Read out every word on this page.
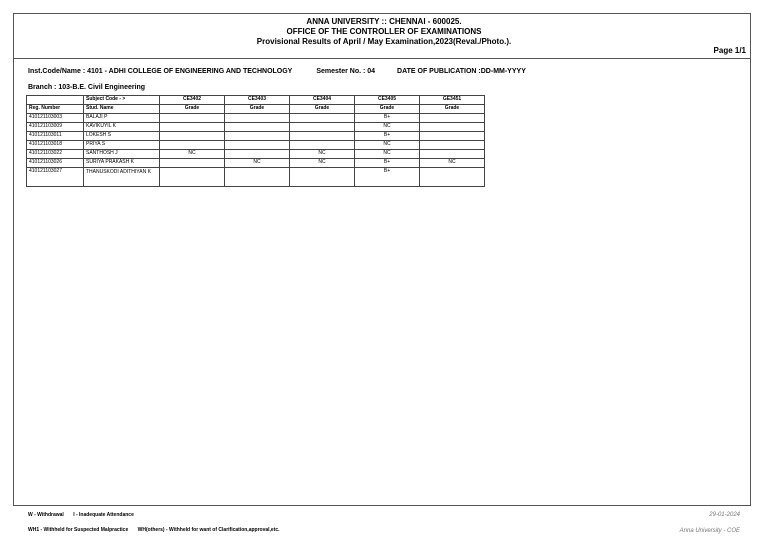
ANNA UNIVERSITY :: CHENNAI - 600025.
OFFICE OF THE CONTROLLER OF EXAMINATIONS
Provisional Results of April / May Examination,2023(Reval./Photo.).
Page 1/1
Inst.Code/Name : 4101 - ADHI COLLEGE OF ENGINEERING AND TECHNOLOGY	Semester No. : 04	DATE OF PUBLICATION :DD-MM-YYYY
Branch : 103-B.E. Civil Engineering
	Subject Code - >	CE3402	CE3403	CE3404	CE3405	GE3451
Reg. Number	Stud. Name	Grade	Grade	Grade	Grade	Grade
410121103003	BALAJI P				B+	
410121103009	KAVIKUYIL K				NC	
410121103011	LOKESH S				B+	
410121103018	PRIYA S				NC	
410121103022	SANTHOSH J	NC		NC	NC	
410121103026	SURIYA PRAKASH K		NC	NC	B+	NC
410121103027	THANUSKODI ADITHIYAN K				B+	
W - Withdrawal I - Inadequate Attendance
WH1 - Withheld for Suspected Malpractice WH(others) - Withheld for want of Clarification,approval,etc.
29-01-2024
Anna University - COE
